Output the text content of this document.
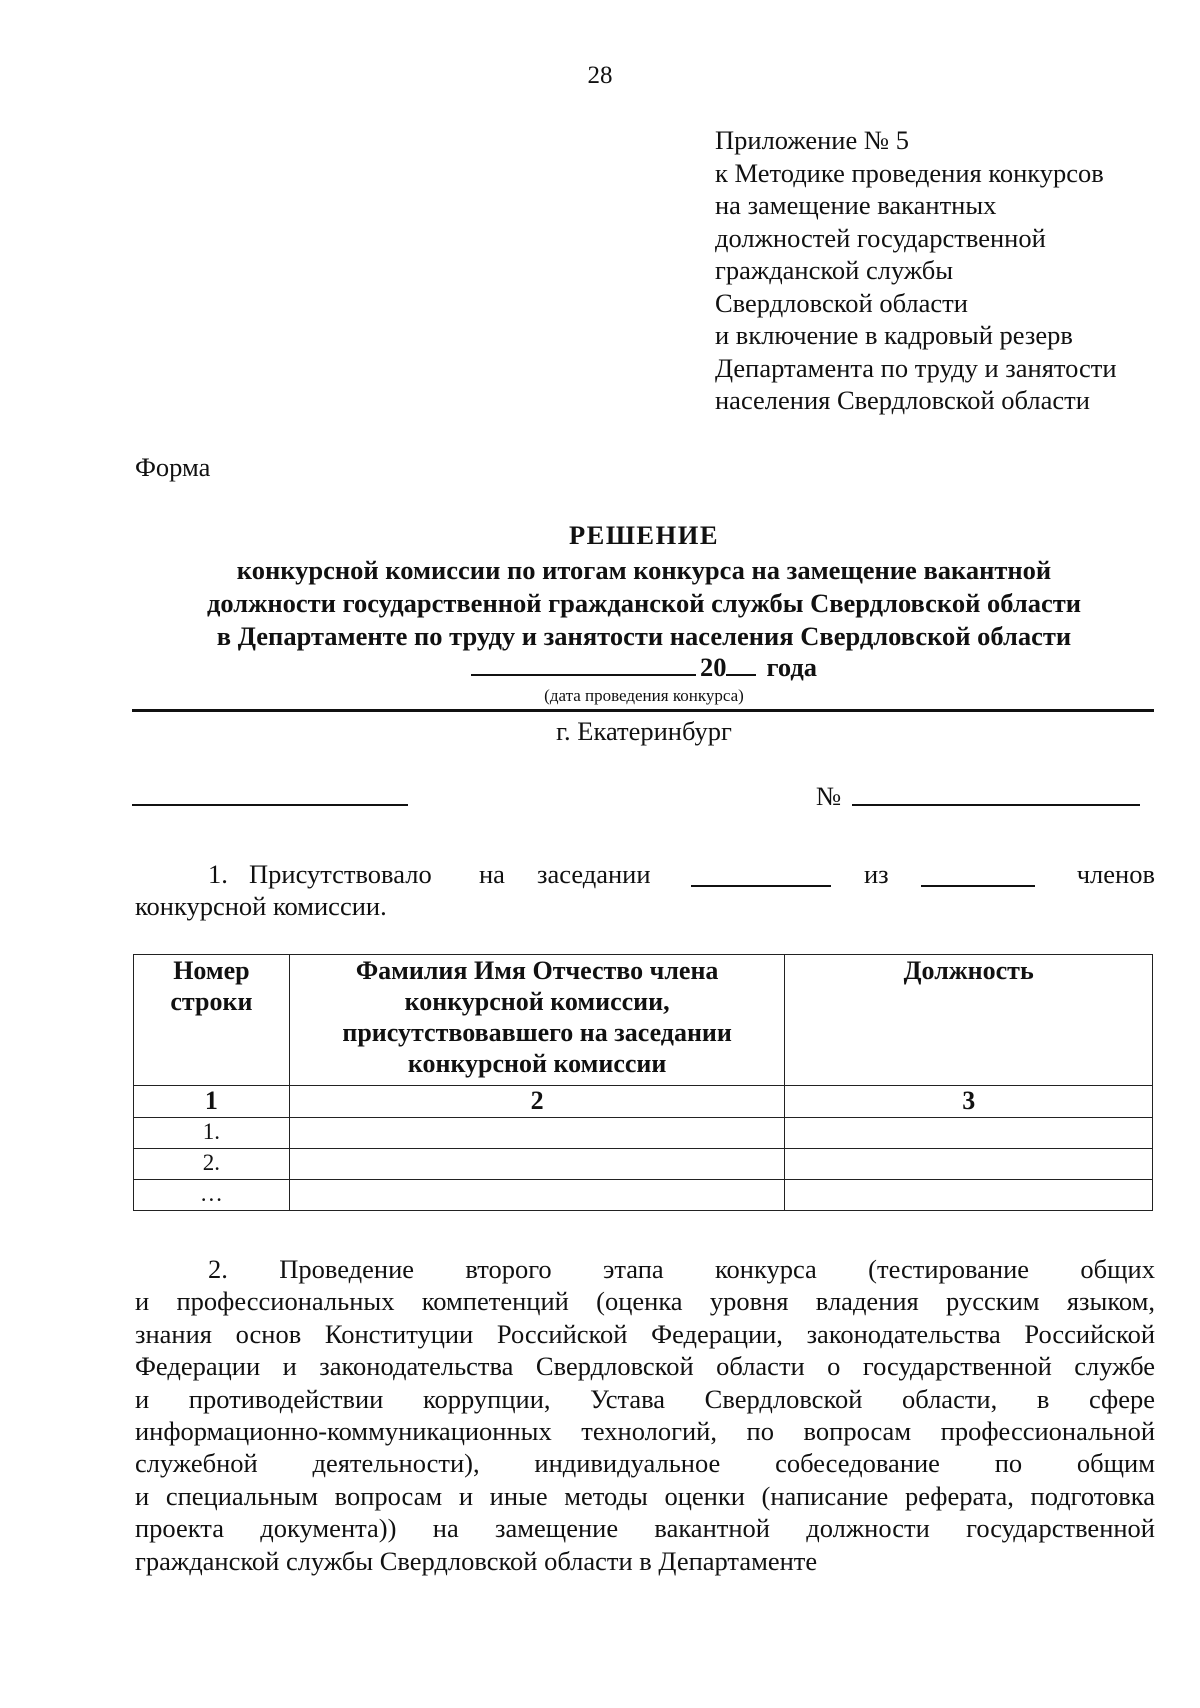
28
Приложение № 5
к Методике проведения конкурсов
на замещение вакантных
должностей государственной
гражданской службы
Свердловской области
и включение в кадровый резерв
Департамента по труду и занятости
населения Свердловской области
Форма
РЕШЕНИЕ
конкурсной комиссии по итогам конкурса на замещение вакантной
должности государственной гражданской службы Свердловской области
в Департаменте по труду и занятости населения Свердловской области
20 года
(дата проведения конкурса)
г. Екатеринбург
№
1. Присутствовало на заседании	из	членов
конкурсной комиссии.
Номер строки	Фамилия Имя Отчество члена конкурсной комиссии, присутствовавшего на заседании конкурсной комиссии	Должность
1	2	3
1.		
2.		
…		
2. Проведение второго этапа конкурса (тестирование общих
и профессиональных компетенций (оценка уровня владения русским языком,
знания основ Конституции Российской Федерации, законодательства Российской
Федерации и законодательства Свердловской области о государственной службе
и противодействии коррупции, Устава Свердловской области, в сфере
информационно-коммуникационных технологий, по вопросам профессиональной
служебной деятельности), индивидуальное собеседование по общим
и специальным вопросам и иные методы оценки (написание реферата, подготовка
проекта документа)) на замещение вакантной должности государственной
гражданской службы Свердловской области в Департаменте
